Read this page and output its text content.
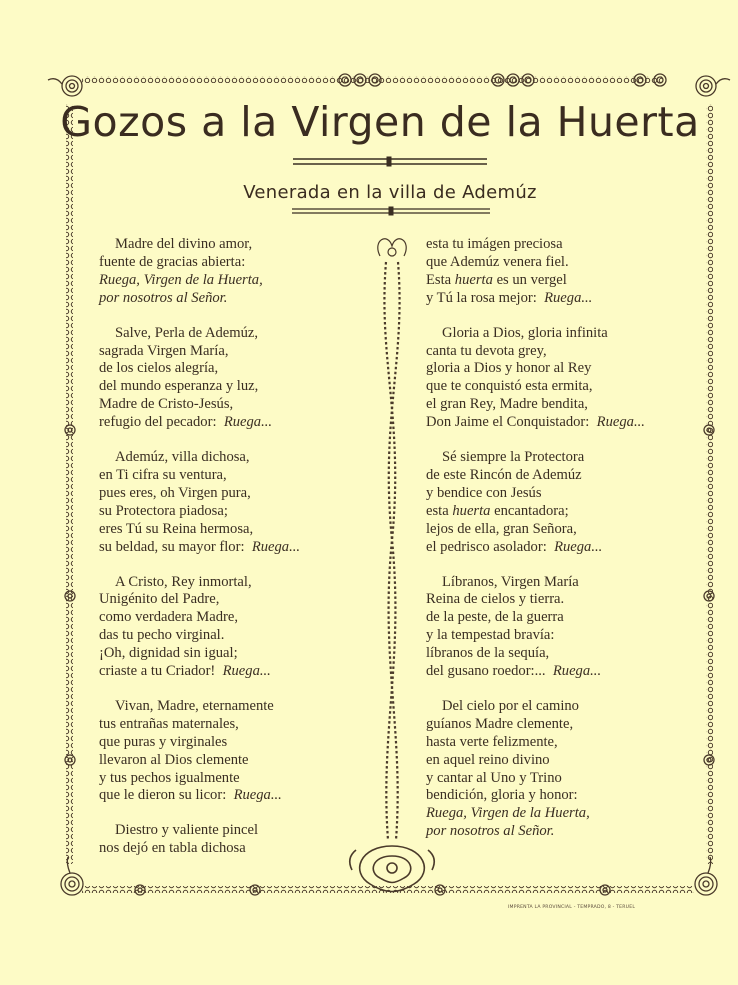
Gozos a la Virgen de la Huerta
Venerada en la villa de Ademúz
Madre del divino amor,
fuente de gracias abierta:
Ruega, Virgen de la Huerta,
por nosotros al Señor.
Salve, Perla de Ademúz,
sagrada Virgen María,
de los cielos alegría,
del mundo esperanza y luz,
Madre de Cristo-Jesús,
refugio del pecador: Ruega...
Ademúz, villa dichosa,
en Ti cifra su ventura,
pues eres, oh Virgen pura,
su Protectora piadosa;
eres Tú su Reina hermosa,
su beldad, su mayor flor: Ruega...
A Cristo, Rey inmortal,
Unigénito del Padre,
como verdadera Madre,
das tu pecho virginal.
¡Oh, dignidad sin igual;
criaste a tu Criador! Ruega...
Vivan, Madre, eternamente
tus entrañas maternales,
que puras y virginales
llevaron al Dios clemente
y tus pechos igualmente
que le dieron su licor: Ruega...
Diestro y valiente pincel
nos dejó en tabla dichosa
esta tu imágen preciosa
que Ademúz venera fiel.
Esta huerta es un vergel
y Tú la rosa mejor: Ruega...
Gloria a Dios, gloria infinita
canta tu devota grey,
gloria a Dios y honor al Rey
que te conquistó esta ermita,
el gran Rey, Madre bendita,
Don Jaime el Conquistador: Ruega...
Sé siempre la Protectora
de este Rincón de Ademúz
y bendice con Jesús
esta huerta encantadora;
lejos de ella, gran Señora,
el pedrisco asolador: Ruega...
Líbranos, Virgen María
Reina de cielos y tierra.
de la peste, de la guerra
y la tempestad bravía:
líbranos de la sequía,
del gusano roedor:... Ruega...
Del cielo por el camino
guíanos Madre clemente,
hasta verte felizmente,
en aquel reino divino
y cantar al Uno y Trino
bendición, gloria y honor:
Ruega, Virgen de la Huerta,
por nosotros al Señor.
IMPRENTA LA PROVINCIAL - TEMPRADO, 8 - TERUEL
